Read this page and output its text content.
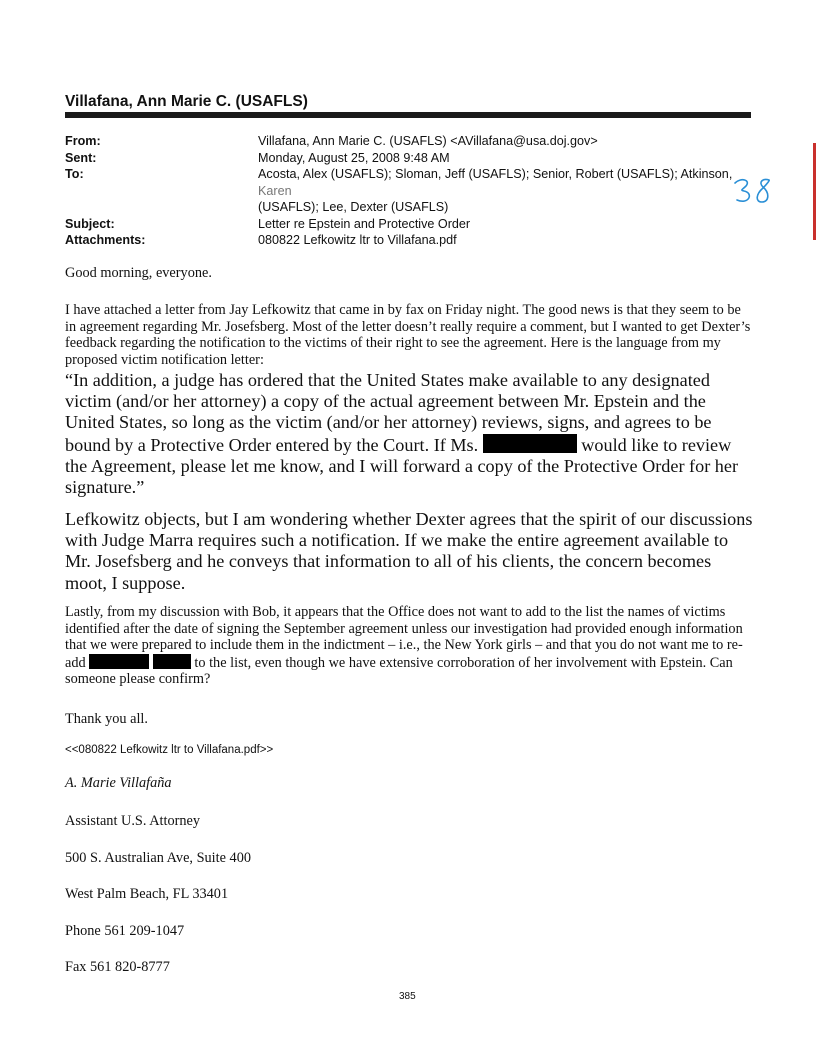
Villafana, Ann Marie C. (USAFLS)
From:	Villafana, Ann Marie C. (USAFLS) <AVillafana@usa.doj.gov>
Sent:	Monday, August 25, 2008 9:48 AM
To:	Acosta, Alex (USAFLS); Sloman, Jeff (USAFLS); Senior, Robert (USAFLS); Atkinson, Karen
(USAFLS); Lee, Dexter (USAFLS)
Subject:	Letter re Epstein and Protective Order
Attachments:	080822 Lefkowitz ltr to Villafana.pdf
Good morning, everyone.
I have attached a letter from Jay Lefkowitz that came in by fax on Friday night. The good news is that they seem to be in agreement regarding Mr. Josefsberg. Most of the letter doesn’t really require a comment, but I wanted to get Dexter’s feedback regarding the notification to the victims of their right to see the agreement. Here is the language from my proposed victim notification letter:
“In addition, a judge has ordered that the United States make available to any designated victim (and/or her attorney) a copy of the actual agreement between Mr. Epstein and the United States, so long as the victim (and/or her attorney) reviews, signs, and agrees to be bound by a Protective Order entered by the Court. If Ms.	would like to review the Agreement, please let me know, and I will forward a copy of the Protective Order for her signature.”
Lefkowitz objects, but I am wondering whether Dexter agrees that the spirit of our discussions with Judge Marra requires such a notification. If we make the entire agreement available to Mr. Josefsberg and he conveys that information to all of his clients, the concern becomes moot, I suppose.
Lastly, from my discussion with Bob, it appears that the Office does not want to add to the list the names of victims identified after the date of signing the September agreement unless our investigation had provided enough information that we were prepared to include them in the indictment – i.e., the New York girls – and that you do not want me to re-add	to the list, even though we have extensive corroboration of her involvement with Epstein. Can someone please confirm?
Thank you all.
<<080822 Lefkowitz ltr to Villafana.pdf>>
A. Marie Villafaña
Assistant U.S. Attorney
500 S. Australian Ave, Suite 400
West Palm Beach, FL 33401
Phone 561 209-1047
Fax 561 820-8777
385
